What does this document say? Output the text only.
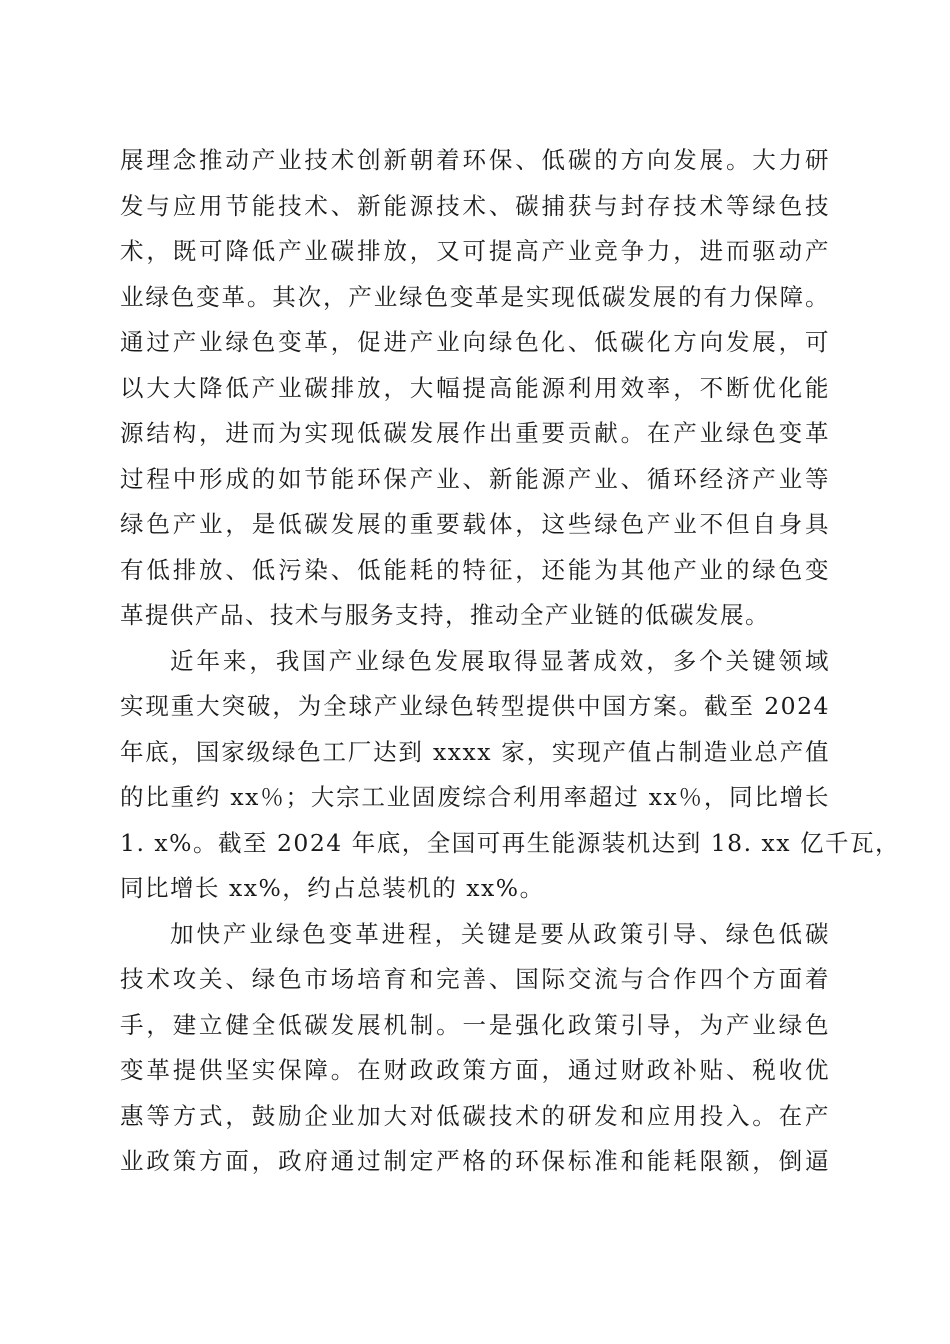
展理念推动产业技术创新朝着环保、低碳的方向发展。大力研
发与应用节能技术、新能源技术、碳捕获与封存技术等绿色技
术，既可降低产业碳排放，又可提高产业竞争力，进而驱动产
业绿色变革。其次，产业绿色变革是实现低碳发展的有力保障。
通过产业绿色变革，促进产业向绿色化、低碳化方向发展，可
以大大降低产业碳排放，大幅提高能源利用效率，不断优化能
源结构，进而为实现低碳发展作出重要贡献。在产业绿色变革
过程中形成的如节能环保产业、新能源产业、循环经济产业等
绿色产业，是低碳发展的重要载体，这些绿色产业不但自身具
有低排放、低污染、低能耗的特征，还能为其他产业的绿色变
革提供产品、技术与服务支持，推动全产业链的低碳发展。
近年来，我国产业绿色发展取得显著成效，多个关键领域
实现重大突破，为全球产业绿色转型提供中国方案。截至 2024
年底，国家级绿色工厂达到 xxxx 家，实现产值占制造业总产值
的比重约 xx％；大宗工业固废综合利用率超过 xx％，同比增长
1. x%。截至 2024 年底，全国可再生能源装机达到 18. xx 亿千瓦，
同比增长 xx%，约占总装机的 xx%。
加快产业绿色变革进程，关键是要从政策引导、绿色低碳
技术攻关、绿色市场培育和完善、国际交流与合作四个方面着
手，建立健全低碳发展机制。一是强化政策引导，为产业绿色
变革提供坚实保障。在财政政策方面，通过财政补贴、税收优
惠等方式，鼓励企业加大对低碳技术的研发和应用投入。在产
业政策方面，政府通过制定严格的环保标准和能耗限额，倒逼
